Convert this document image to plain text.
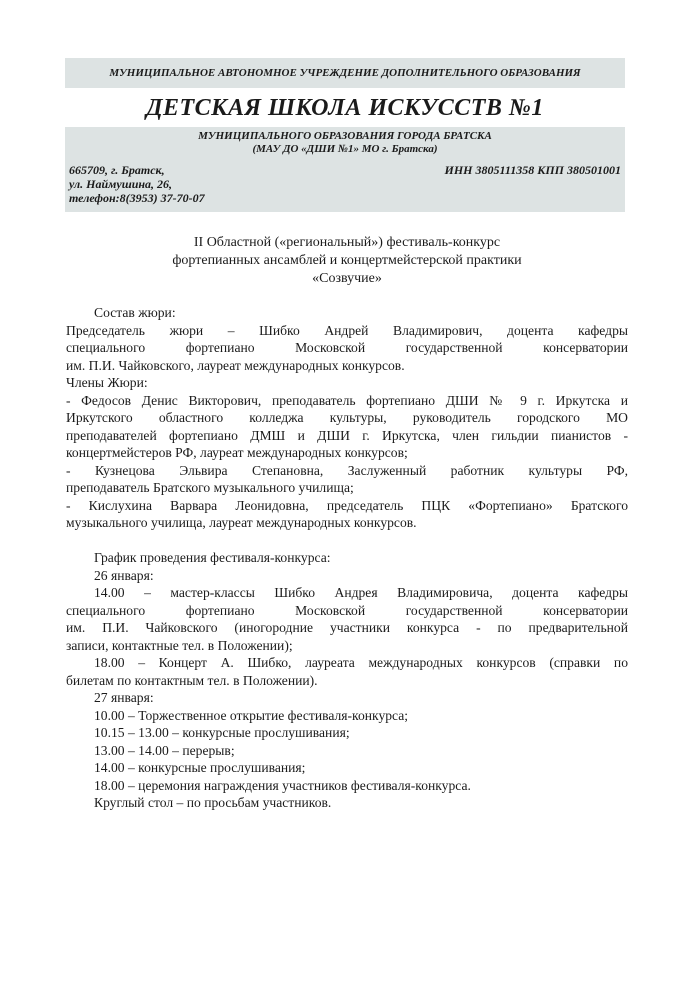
МУНИЦИПАЛЬНОЕ АВТОНОМНОЕ УЧРЕЖДЕНИЕ ДОПОЛНИТЕЛЬНОГО ОБРАЗОВАНИЯ
ДЕТСКАЯ ШКОЛА ИСКУССТВ №1
МУНИЦИПАЛЬНОГО ОБРАЗОВАНИЯ ГОРОДА БРАТСКА
(МАУ ДО «ДШИ №1» МО г. Братска)
665709, г. Братск,
ул. Наймушина, 26,
телефон:8(3953) 37-70-07
ИНН 3805111358 КПП 380501001
II Областной («региональный») фестиваль-конкурс
фортепианных ансамблей и концертмейстерской практики
«Созвучие»
Состав жюри:
Председатель жюри – Шибко Андрей Владимирович, доцента кафедры
специального фортепиано Московской государственной консерватории
им. П.И. Чайковского, лауреат международных конкурсов.
Члены Жюри:
- Федосов Денис Викторович, преподаватель фортепиано ДШИ № 9 г. Иркутска и
Иркутского областного колледжа культуры, руководитель городского МО
преподавателей фортепиано ДМШ и ДШИ г. Иркутска, член гильдии пианистов -
концертмейстеров РФ, лауреат международных конкурсов;
- Кузнецова Эльвира Степановна, Заслуженный работник культуры РФ,
преподаватель Братского музыкального училища;
- Кислухина Варвара Леонидовна, председатель ПЦК «Фортепиано» Братского
музыкального училища, лауреат международных конкурсов.
График проведения фестиваля-конкурса:
26 января:
14.00 – мастер-классы Шибко Андрея Владимировича, доцента кафедры
специального фортепиано Московской государственной консерватории
им. П.И. Чайковского (иногородние участники конкурса - по предварительной
записи, контактные тел. в Положении);
18.00 – Концерт А. Шибко, лауреата международных конкурсов (справки по
билетам по контактным тел. в Положении).
27 января:
10.00 – Торжественное открытие фестиваля-конкурса;
10.15 – 13.00 – конкурсные прослушивания;
13.00 – 14.00 – перерыв;
14.00 – конкурсные прослушивания;
18.00 – церемония награждения участников фестиваля-конкурса.
Круглый стол – по просьбам участников.
